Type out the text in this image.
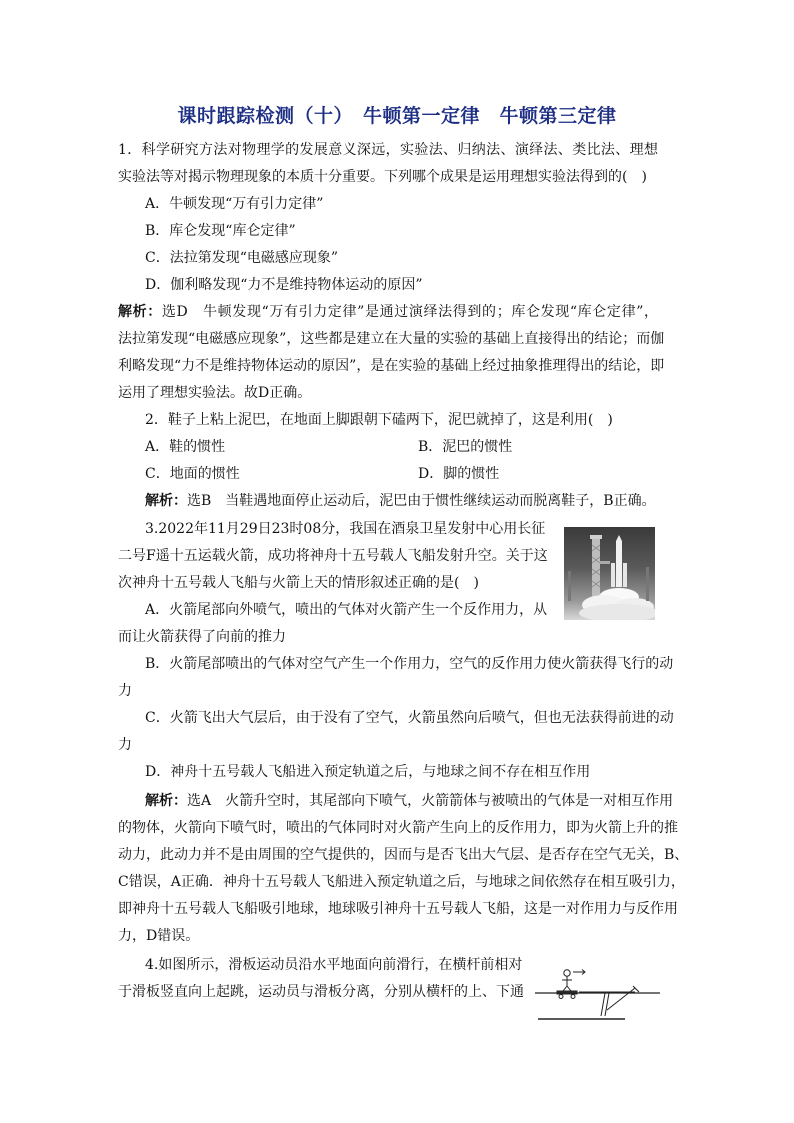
课时跟踪检测（十）　牛顿第一定律　牛顿第三定律
1．科学研究方法对物理学的发展意义深远，实验法、归纳法、演绎法、类比法、理想
实验法等对揭示物理现象的本质十分重要。下列哪个成果是运用理想实验法得到的(　)
A．牛顿发现“万有引力定律”
B．库仑发现“库仑定律”
C．法拉第发现“电磁感应现象”
D．伽利略发现“力不是维持物体运动的原因”
解析：选D　牛顿发现“万有引力定律”是通过演绎法得到的；库仑发现“库仑定律”，
法拉第发现“电磁感应现象”，这些都是建立在大量的实验的基础上直接得出的结论；而伽
利略发现“力不是维持物体运动的原因”，是在实验的基础上经过抽象推理得出的结论，即
运用了理想实验法。故D正确。
2．鞋子上粘上泥巴，在地面上脚跟朝下磕两下，泥巴就掉了，这是利用(　)
A．鞋的惯性	B．泥巴的惯性
C．地面的惯性	D．脚的惯性
解析：选B　当鞋遇地面停止运动后，泥巴由于惯性继续运动而脱离鞋子，B正确。
3.2022年11月29日23时08分，我国在酒泉卫星发射中心用长征
二号F遥十五运载火箭，成功将神舟十五号载人飞船发射升空。关于这
次神舟十五号载人飞船与火箭上天的情形叙述正确的是(　)
A．火箭尾部向外喷气，喷出的气体对火箭产生一个反作用力，从
而让火箭获得了向前的推力
B．火箭尾部喷出的气体对空气产生一个作用力，空气的反作用力使火箭获得飞行的动
力
C．火箭飞出大气层后，由于没有了空气，火箭虽然向后喷气，但也无法获得前进的动
力
D．神舟十五号载人飞船进入预定轨道之后，与地球之间不存在相互作用
解析：选A　火箭升空时，其尾部向下喷气，火箭箭体与被喷出的气体是一对相互作用
的物体，火箭向下喷气时，喷出的气体同时对火箭产生向上的反作用力，即为火箭上升的推
动力，此动力并不是由周围的空气提供的，因而与是否飞出大气层、是否存在空气无关，B、
C错误，A正确．神舟十五号载人飞船进入预定轨道之后，与地球之间依然存在相互吸引力，
即神舟十五号载人飞船吸引地球，地球吸引神舟十五号载人飞船，这是一对作用力与反作用
力，D错误。
4.如图所示，滑板运动员沿水平地面向前滑行，在横杆前相对
于滑板竖直向上起跳，运动员与滑板分离，分别从横杆的上、下通
